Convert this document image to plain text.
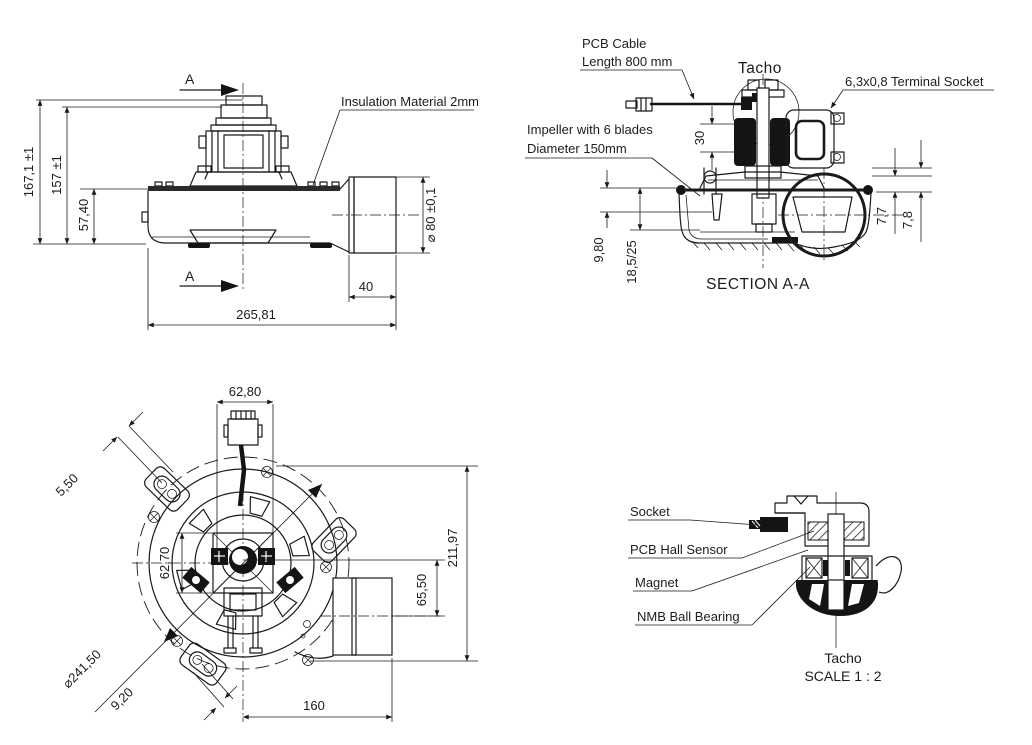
A
A
Insulation Material 2mm
167,1 ±1 157 ±1
57,40	⌀ 80 ±0,1
40
265,81
PCB Cable
Length 800 mm	Tacho
6,3x0,8 Terminal Socket
Impeller with 6 blades
Diameter 150mm
30
9,80 18,5/25
7,7 7,8
SECTION A-A
62,80
5,50
62,70	211,97
65,50
⌀241,50
9,20	160
Socket
PCB Hall Sensor
Magnet
NMB Ball Bearing
Tacho
SCALE 1 : 2
